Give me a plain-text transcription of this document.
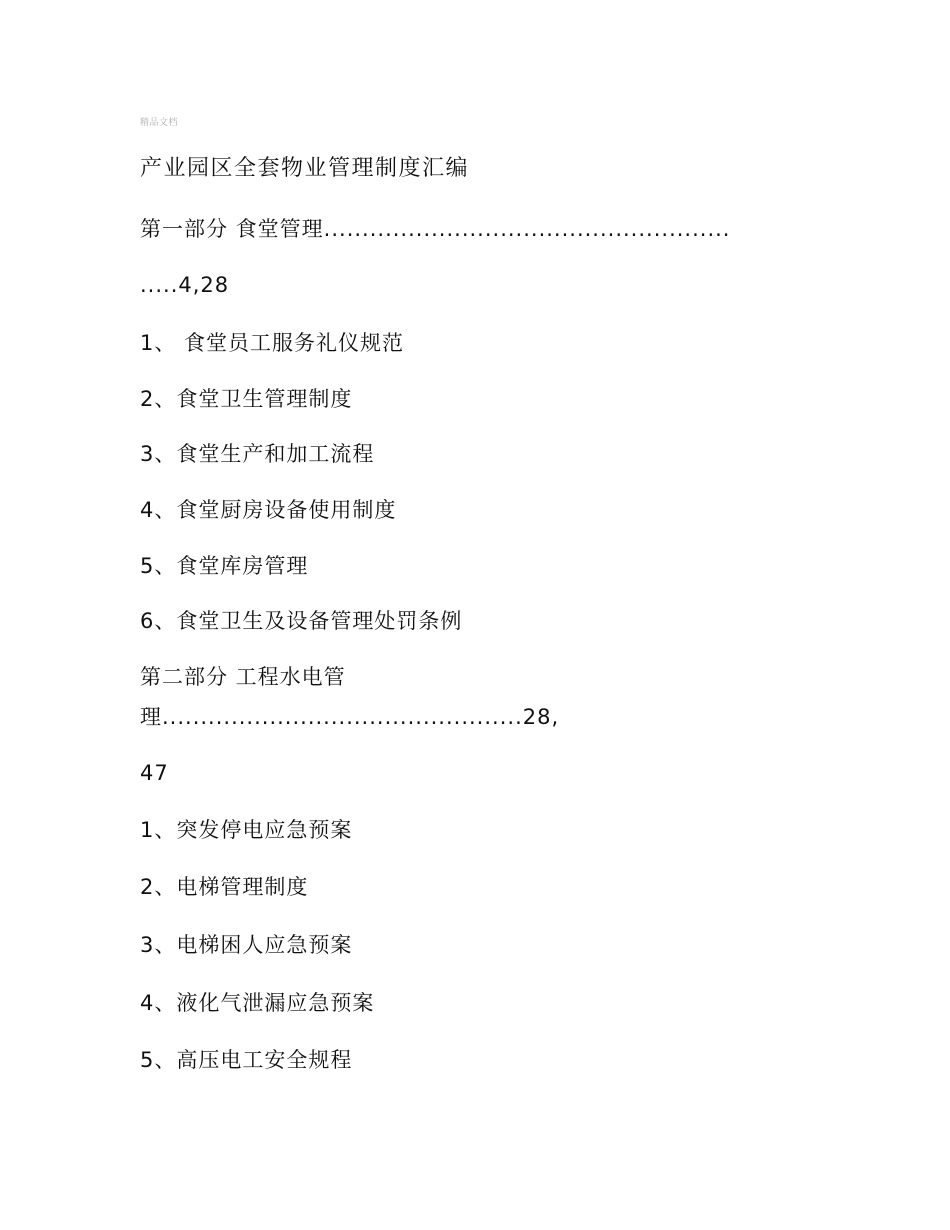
精品文档
产业园区全套物业管理制度汇编
第一部分 食堂管理.....................................................
.....4,28
1、 食堂员工服务礼仪规范
2、食堂卫生管理制度
3、食堂生产和加工流程
4、食堂厨房设备使用制度
5、食堂库房管理
6、食堂卫生及设备管理处罚条例
第二部分 工程水电管
理...............................................28,
47
1、突发停电应急预案
2、电梯管理制度
3、电梯困人应急预案
4、液化气泄漏应急预案
5、高压电工安全规程
